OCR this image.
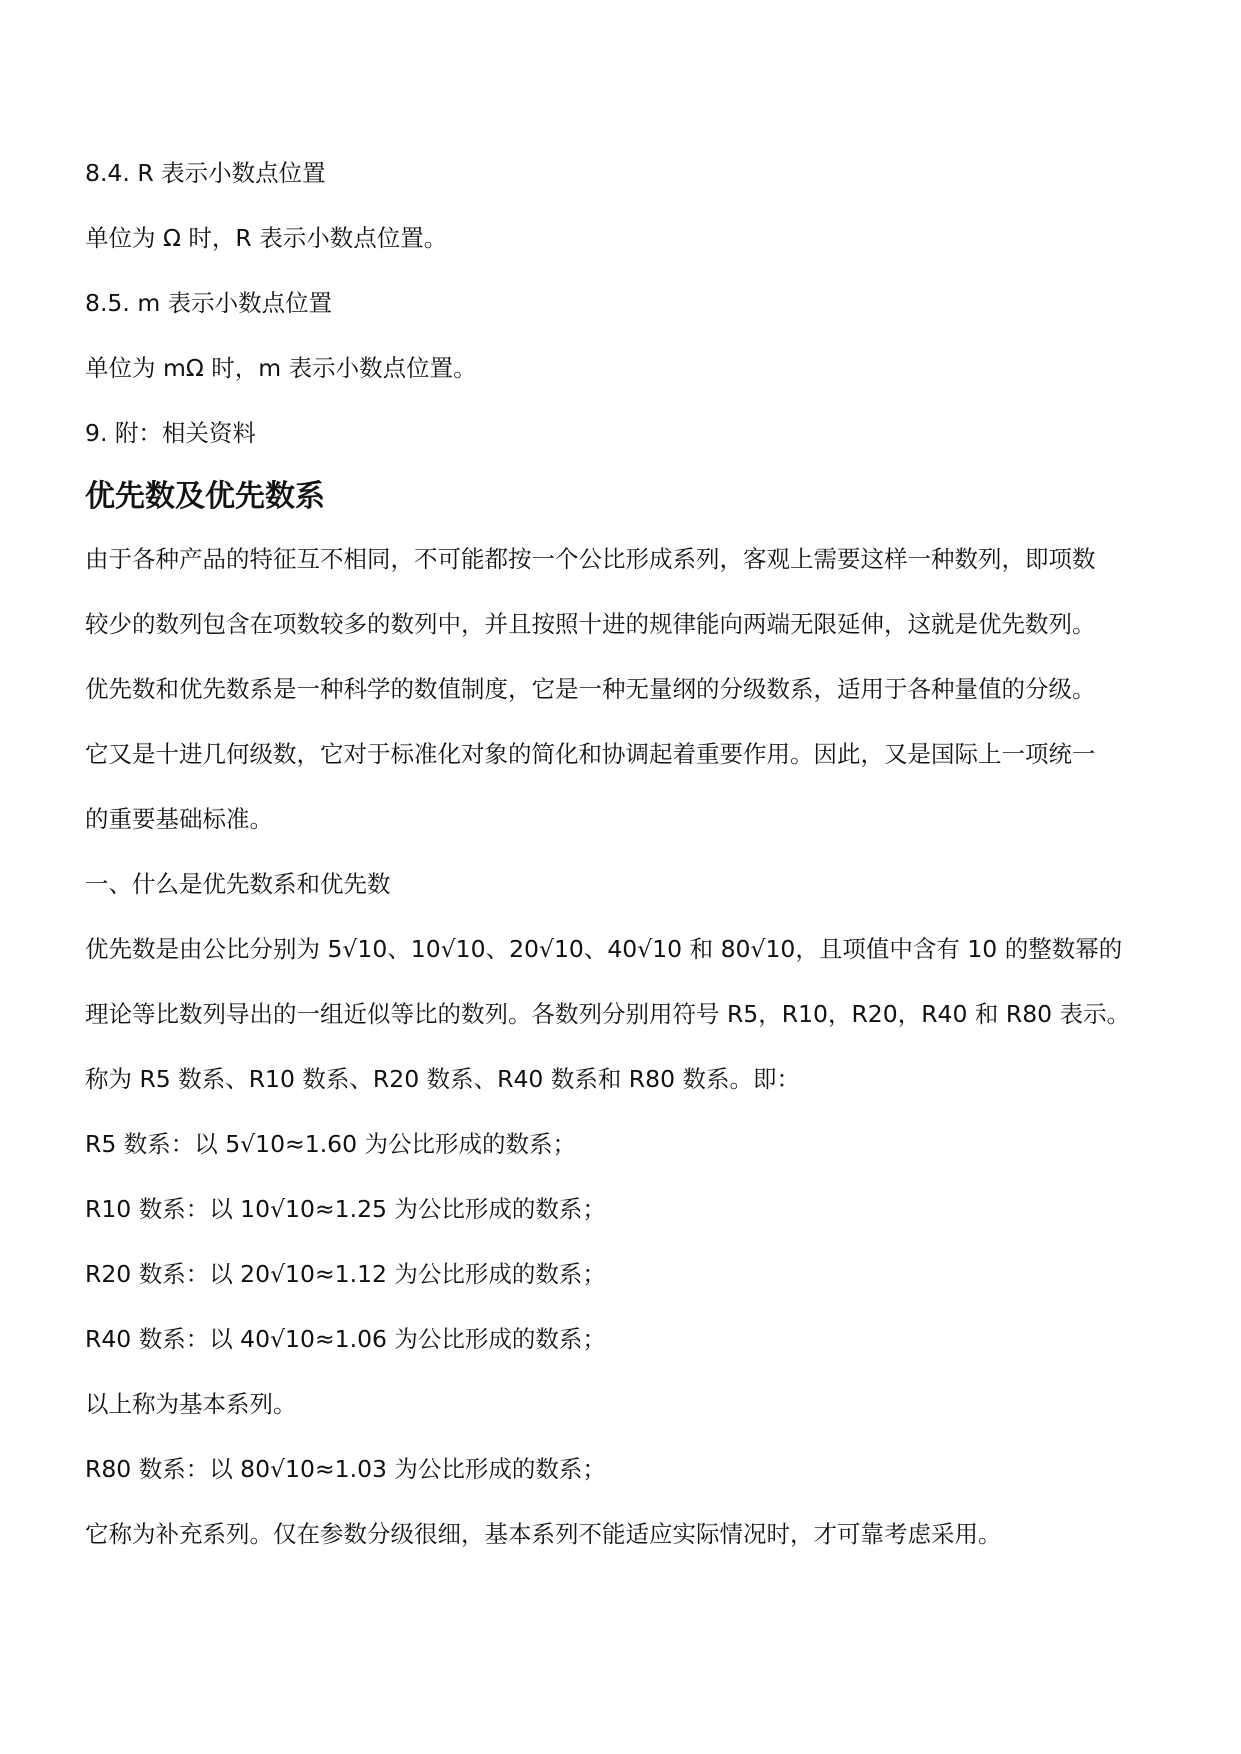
8.4. R 表示小数点位置
单位为 Ω 时，R 表示小数点位置。
8.5. m 表示小数点位置
单位为 mΩ 时，m 表示小数点位置。
9. 附：相关资料
优先数及优先数系
由于各种产品的特征互不相同，不可能都按一个公比形成系列，客观上需要这样一种数列，即项数
较少的数列包含在项数较多的数列中，并且按照十进的规律能向两端无限延伸，这就是优先数列。
优先数和优先数系是一种科学的数值制度，它是一种无量纲的分级数系，适用于各种量值的分级。
它又是十进几何级数，它对于标准化对象的简化和协调起着重要作用。因此，又是国际上一项统一
的重要基础标准。
一、什么是优先数系和优先数
优先数是由公比分别为 5√10、10√10、20√10、40√10 和 80√10，且项值中含有 10 的整数幂的
理论等比数列导出的一组近似等比的数列。各数列分别用符号 R5，R10，R20，R40 和 R80 表示。
称为 R5 数系、R10 数系、R20 数系、R40 数系和 R80 数系。即：
R5 数系：以 5√10≈1.60 为公比形成的数系；
R10 数系：以 10√10≈1.25 为公比形成的数系；
R20 数系：以 20√10≈1.12 为公比形成的数系；
R40 数系：以 40√10≈1.06 为公比形成的数系；
以上称为基本系列。
R80 数系：以 80√10≈1.03 为公比形成的数系；
它称为补充系列。仅在参数分级很细，基本系列不能适应实际情况时，才可靠考虑采用。
